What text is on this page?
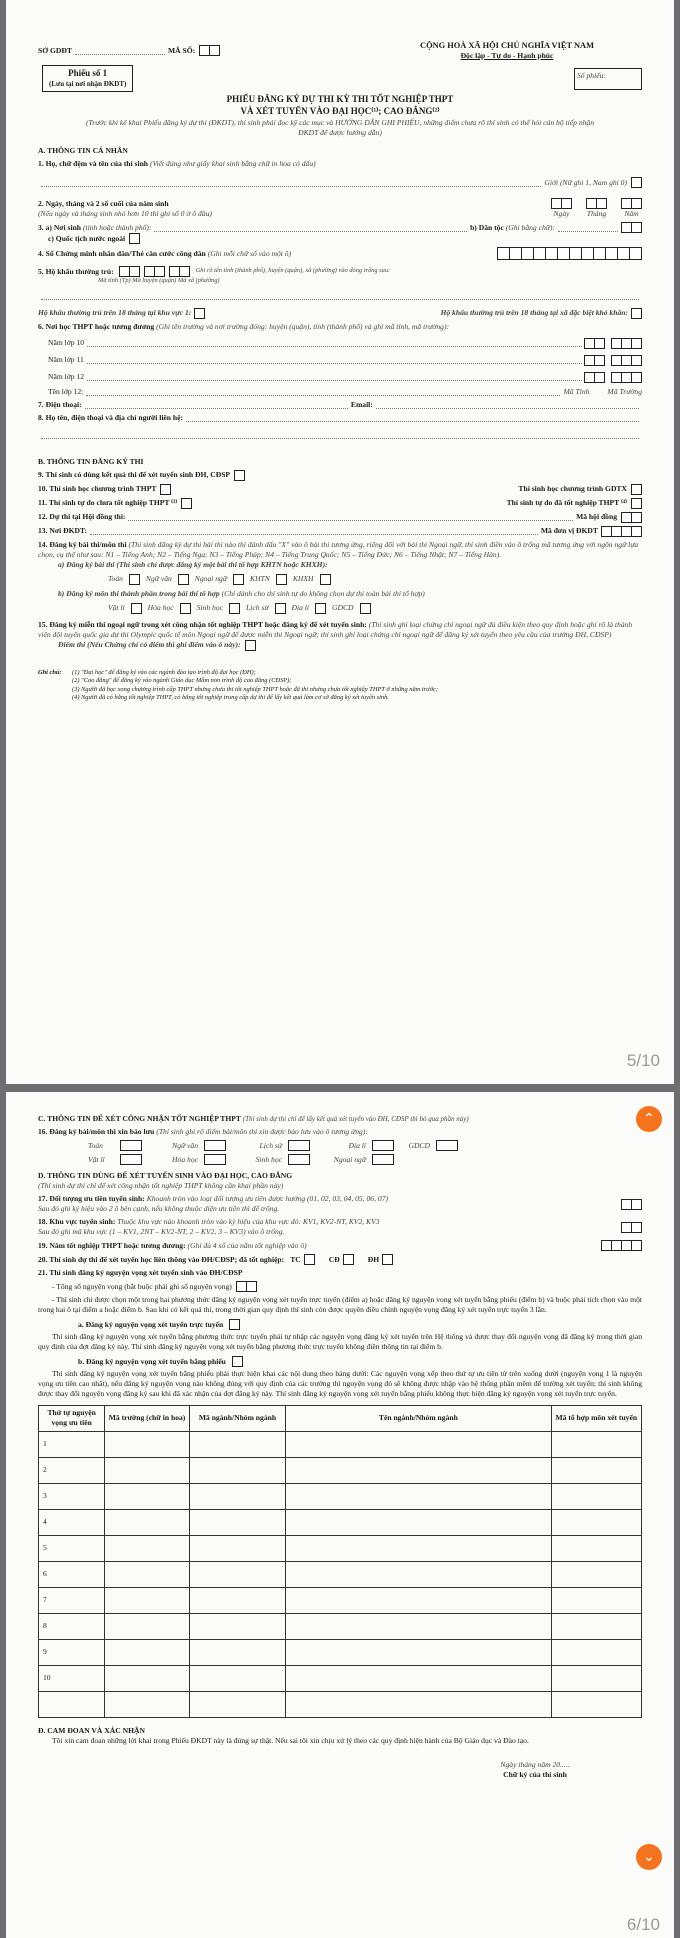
SỞ GDĐT	MÃ SỐ:
CỘNG HOÀ XÃ HỘI CHỦ NGHĨA VIỆT NAM
Độc lập - Tự do - Hạnh phúc
Phiếu số 1
(Lưu tại nơi nhận ĐKDT)
Số phiếu:
PHIẾU ĐĂNG KÝ DỰ THI KỲ THI TỐT NGHIỆP THPT
VÀ XÉT TUYỂN VÀO ĐẠI HỌC⁽¹⁾; CAO ĐẲNG⁽²⁾
(Trước khi kê khai Phiếu đăng ký dự thi (ĐKDT), thí sinh phải đọc kỹ các mục và HƯỚNG DẪN GHI PHIẾU, những điểm chưa rõ thí sinh có thể hỏi cán bộ tiếp nhận ĐKDT để được hướng dẫn)
A. THÔNG TIN CÁ NHÂN
1. Họ, chữ đệm và tên của thí sinh (Viết đúng như giấy khai sinh bằng chữ in hoa có dấu)
Giới (Nữ ghi 1, Nam ghi 0)
2. Ngày, tháng và 2 số cuối của năm sinh
(Nếu ngày và tháng sinh nhỏ hơn 10 thì ghi số 0 ở ô đầu)	Ngày	Tháng	Năm
3. a) Nơi sinh
(tỉnh hoặc thành phố):	b) Dân tộc
(Ghi bằng chữ):
c) Quốc tịch nước ngoài
4. Số Chứng minh nhân dân/Thẻ căn cước công dân
(Ghi mỗi chữ số vào một ô)
5. Hộ khẩu thường trú:	Ghi rõ tên tỉnh (thành phố), huyện (quận), xã (phường) vào dòng trống sau:
Mã tỉnh (Tp) Mã huyện (quận) Mã xã (phường)
Hộ khẩu thường trú trên 18 tháng tại khu vực 1:	Hộ khẩu thường trú trên 18 tháng tại xã đặc biệt khó khăn:
6. Nơi học THPT hoặc tương đương (Ghi tên trường và nơi trường đóng: huyện (quận), tỉnh (thành phố) và ghi mã tỉnh, mã trường):
Năm lớp 10
Năm lớp 11
Năm lớp 12
Tên lớp 12:	Mã Tỉnh Mã Trường
7. Điện thoại:	Email:
8. Họ tên, điện thoại và địa chỉ người liên hệ:
B. THÔNG TIN ĐĂNG KÝ THI
9. Thí sinh có dùng kết quả thi để xét tuyển sinh ĐH, CĐSP
10. Thí sinh học chương trình THPT	Thí sinh học chương trình GDTX
11. Thí sinh tự do chưa tốt nghiệp THPT ⁽³⁾	Thí sinh tự do đã tốt nghiệp THPT ⁽⁴⁾
12. Dự thi tại Hội đồng thi:	Mã hội đồng
13. Nơi ĐKDT:	Mã đơn vị ĐKDT
14. Đăng ký bài thi/môn thi (Thí sinh đăng ký dự thi bài thi nào thì đánh dấu "X" vào ô bài thi tương ứng, riêng đối với bài thi Ngoại ngữ, thí sinh điền vào ô trống mã tương ứng với ngôn ngữ lựa chọn, cụ thể như sau: N1 – Tiếng Anh; N2 – Tiếng Nga; N3 – Tiếng Pháp; N4 – Tiếng Trung Quốc; N5 – Tiếng Đức; N6 – Tiếng Nhật; N7 – Tiếng Hàn).
a) Đăng ký bài thi (Thí sinh chỉ được đăng ký một bài thi tổ hợp KHTN hoặc KHXH):
Toán	Ngữ văn	Ngoại ngữ	KHTN	KHXH
b) Đăng ký môn thi thành phần trong bài thi tổ hợp (Chỉ dành cho thí sinh tự do không chọn dự thi toàn bài thi tổ hợp)
Vật lí	Hóa học	Sinh học	Lịch sử	Địa lí	GDCD
15. Đăng ký miễn thi ngoại ngữ trong xét công nhận tốt nghiệp THPT hoặc đăng ký để xét tuyển sinh: (Thí sinh ghi loại chứng chỉ ngoại ngữ đủ điều kiện theo quy định hoặc ghi rõ là thành viên đội tuyển quốc gia dự thi Olympic quốc tế môn Ngoại ngữ để được miễn thi Ngoại ngữ; thí sinh ghi loại chứng chỉ ngoại ngữ để đăng ký xét tuyển theo yêu cầu của trường ĐH, CĐSP)
Điểm thi (Nếu Chứng chỉ có điểm thì ghi điểm vào ô này):
Ghi chú:	(1) "Đại học" để đăng ký vào các ngành đào tạo trình độ đại học (ĐH);
(2) "Cao đẳng" để đăng ký vào ngành Giáo dục Mầm non trình độ cao đẳng (CĐSP);
(3) Người đã học xong chương trình cấp THPT nhưng chưa thi tốt nghiệp THPT hoặc đã thi nhưng chưa tốt nghiệp THPT ở những năm trước;
(4) Người đã có bằng tốt nghiệp THPT, có bằng tốt nghiệp trung cấp dự thi để lấy kết quả làm cơ sở đăng ký xét tuyển sinh.
5/10
⌃
C. THÔNG TIN ĐỂ XÉT CÔNG NHẬN TỐT NGHIỆP THPT (Thí sinh dự thi chỉ để lấy kết quả xét tuyển vào ĐH, CĐSP thì bỏ qua phần này)
16. Đăng ký bài/môn thi xin bảo lưu (Thí sinh ghi rõ điểm bài/môn thi xin được bảo lưu vào ô tương ứng):
Toán	Ngữ văn	Lịch sử	Địa lí	GDCD
Vật lí	Hóa học	Sinh học	Ngoại ngữ
D. THÔNG TIN DÙNG ĐỂ XÉT TUYỂN SINH VÀO ĐẠI HỌC, CAO ĐẲNG
(Thí sinh dự thi chỉ để xét công nhận tốt nghiệp THPT không cần khai phần này)
17. Đối tượng ưu tiên tuyển sinh: Khoanh tròn vào loại đối tượng ưu tiên được hưởng (01, 02, 03, 04, 05, 06, 07)
Sau đó ghi ký hiệu vào 2 ô bên cạnh, nếu không thuộc diện ưu tiên thì để trống.
18. Khu vực tuyển sinh: Thuộc khu vực nào khoanh tròn vào ký hiệu của khu vực đó: KV1, KV2-NT, KV2, KV3
Sau đó ghi mã khu vực (1 – KV1, 2NT – KV2-NT, 2 – KV2, 3 – KV3) vào ô trống.
19. Năm tốt nghiệp THPT hoặc tương đương:
(Ghi đủ 4 số của năm tốt nghiệp vào ô)
20. Thí sinh dự thi để xét tuyển học liên thông vào ĐH/CĐSP; đã tốt nghiệp: TC	CĐ	ĐH
21. Thí sinh đăng ký nguyện vọng xét tuyển sinh vào ĐH/CĐSP
- Tổng số nguyện vọng (bắt buộc phải ghi số nguyện vọng)
- Thí sinh chỉ được chọn một trong hai phương thức đăng ký nguyện vọng xét tuyển trực tuyến (điểm a) hoặc đăng ký nguyện vọng xét tuyển bằng phiếu (điểm b) và buộc phải tích chọn vào một trong hai ô tại điểm a hoặc điểm b. Sau khi có kết quả thi, trong thời gian quy định thí sinh còn được quyền điều chỉnh nguyện vọng đăng ký xét tuyển trực tuyến 3 lần.
a. Đăng ký nguyện vọng xét tuyển trực tuyến
Thí sinh đăng ký nguyện vọng xét tuyển bằng phương thức trực tuyến phải tự nhập các nguyện vọng đăng ký xét tuyển trên Hệ thống và được thay đổi nguyện vọng đã đăng ký trong thời gian quy định của đợt đăng ký này. Thí sinh đăng ký nguyện vọng xét tuyển bằng phương thức trực tuyến không điền thông tin tại điểm b.
b. Đăng ký nguyện vọng xét tuyển bằng phiếu
Thí sinh đăng ký nguyện vọng xét tuyển bằng phiếu phải thực hiện khai các nội dung theo bảng dưới: Các nguyện vọng xếp theo thứ tự ưu tiên từ trên xuống dưới (nguyện vọng 1 là nguyện vọng ưu tiên cao nhất), nếu đăng ký nguyện vọng nào không đúng với quy định của các trường thì nguyện vọng đó sẽ không được nhập vào hệ thống phần mềm để trường xét tuyển; thí sinh không được thay đổi nguyện vọng đăng ký sau khi đã xác nhận của đợt đăng ký này. Thí sinh đăng ký nguyện vọng xét tuyển bằng phiếu không thực hiện đăng ký nguyện vọng xét tuyển trực tuyến.
Thứ tự nguyện vọng ưu tiên	Mã trường (chữ in hoa)	Mã ngành/Nhóm ngành	Tên ngành/Nhóm ngành	Mã tổ hợp môn xét tuyển
1				
2				
3				
4				
5				
6				
7				
8				
9				
10				

Đ. CAM ĐOAN VÀ XÁC NHẬN
Tôi xin cam đoan những lời khai trong Phiếu ĐKDT này là đúng sự thật. Nếu sai tôi xin chịu xử lý theo các quy định hiện hành của Bộ Giáo dục và Đào tạo.
Ngày tháng năm 20.....
Chữ ký của thí sinh
⌄
6/10
